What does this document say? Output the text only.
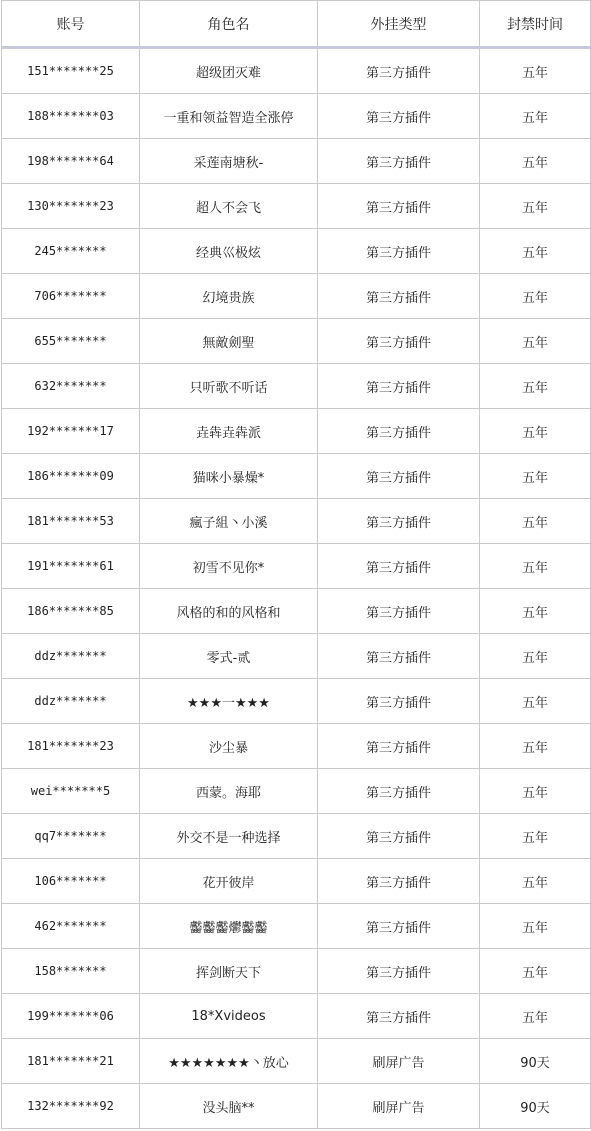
账号	角色名	外挂类型	封禁时间
151*******25	超级团灭难	第三方插件	五年
188*******03	一重和领益智造全涨停	第三方插件	五年
198*******64	采莲南塘秋-	第三方插件	五年
130*******23	超人不会飞	第三方插件	五年
245*******	经典巛极炫	第三方插件	五年
706*******	幻境贵族	第三方插件	五年
655*******	無敵劍聖	第三方插件	五年
632*******	只听歌不听话	第三方插件	五年
192*******17	垚犇垚犇派	第三方插件	五年
186*******09	猫咪小暴燥*	第三方插件	五年
181*******53	瘋子組丶小溪	第三方插件	五年
191*******61	初雪不见你*	第三方插件	五年
186*******85	风格的和的风格和	第三方插件	五年
ddz*******	零式-贰	第三方插件	五年
ddz*******	★★★一★★★	第三方插件	五年
181*******23	沙尘暴	第三方插件	五年
wei*******5	西蒙。海耶	第三方插件	五年
qq7*******	外交不是一种选择	第三方插件	五年
106*******	花开彼岸	第三方插件	五年
462*******	齾齾齾爩齾齾	第三方插件	五年
158*******	挥剑断天下	第三方插件	五年
199*******06	18*Xvideos	第三方插件	五年
181*******21	★★★★★★★丶放心	刷屏广告	90天
132*******92	没头脑**	刷屏广告	90天
